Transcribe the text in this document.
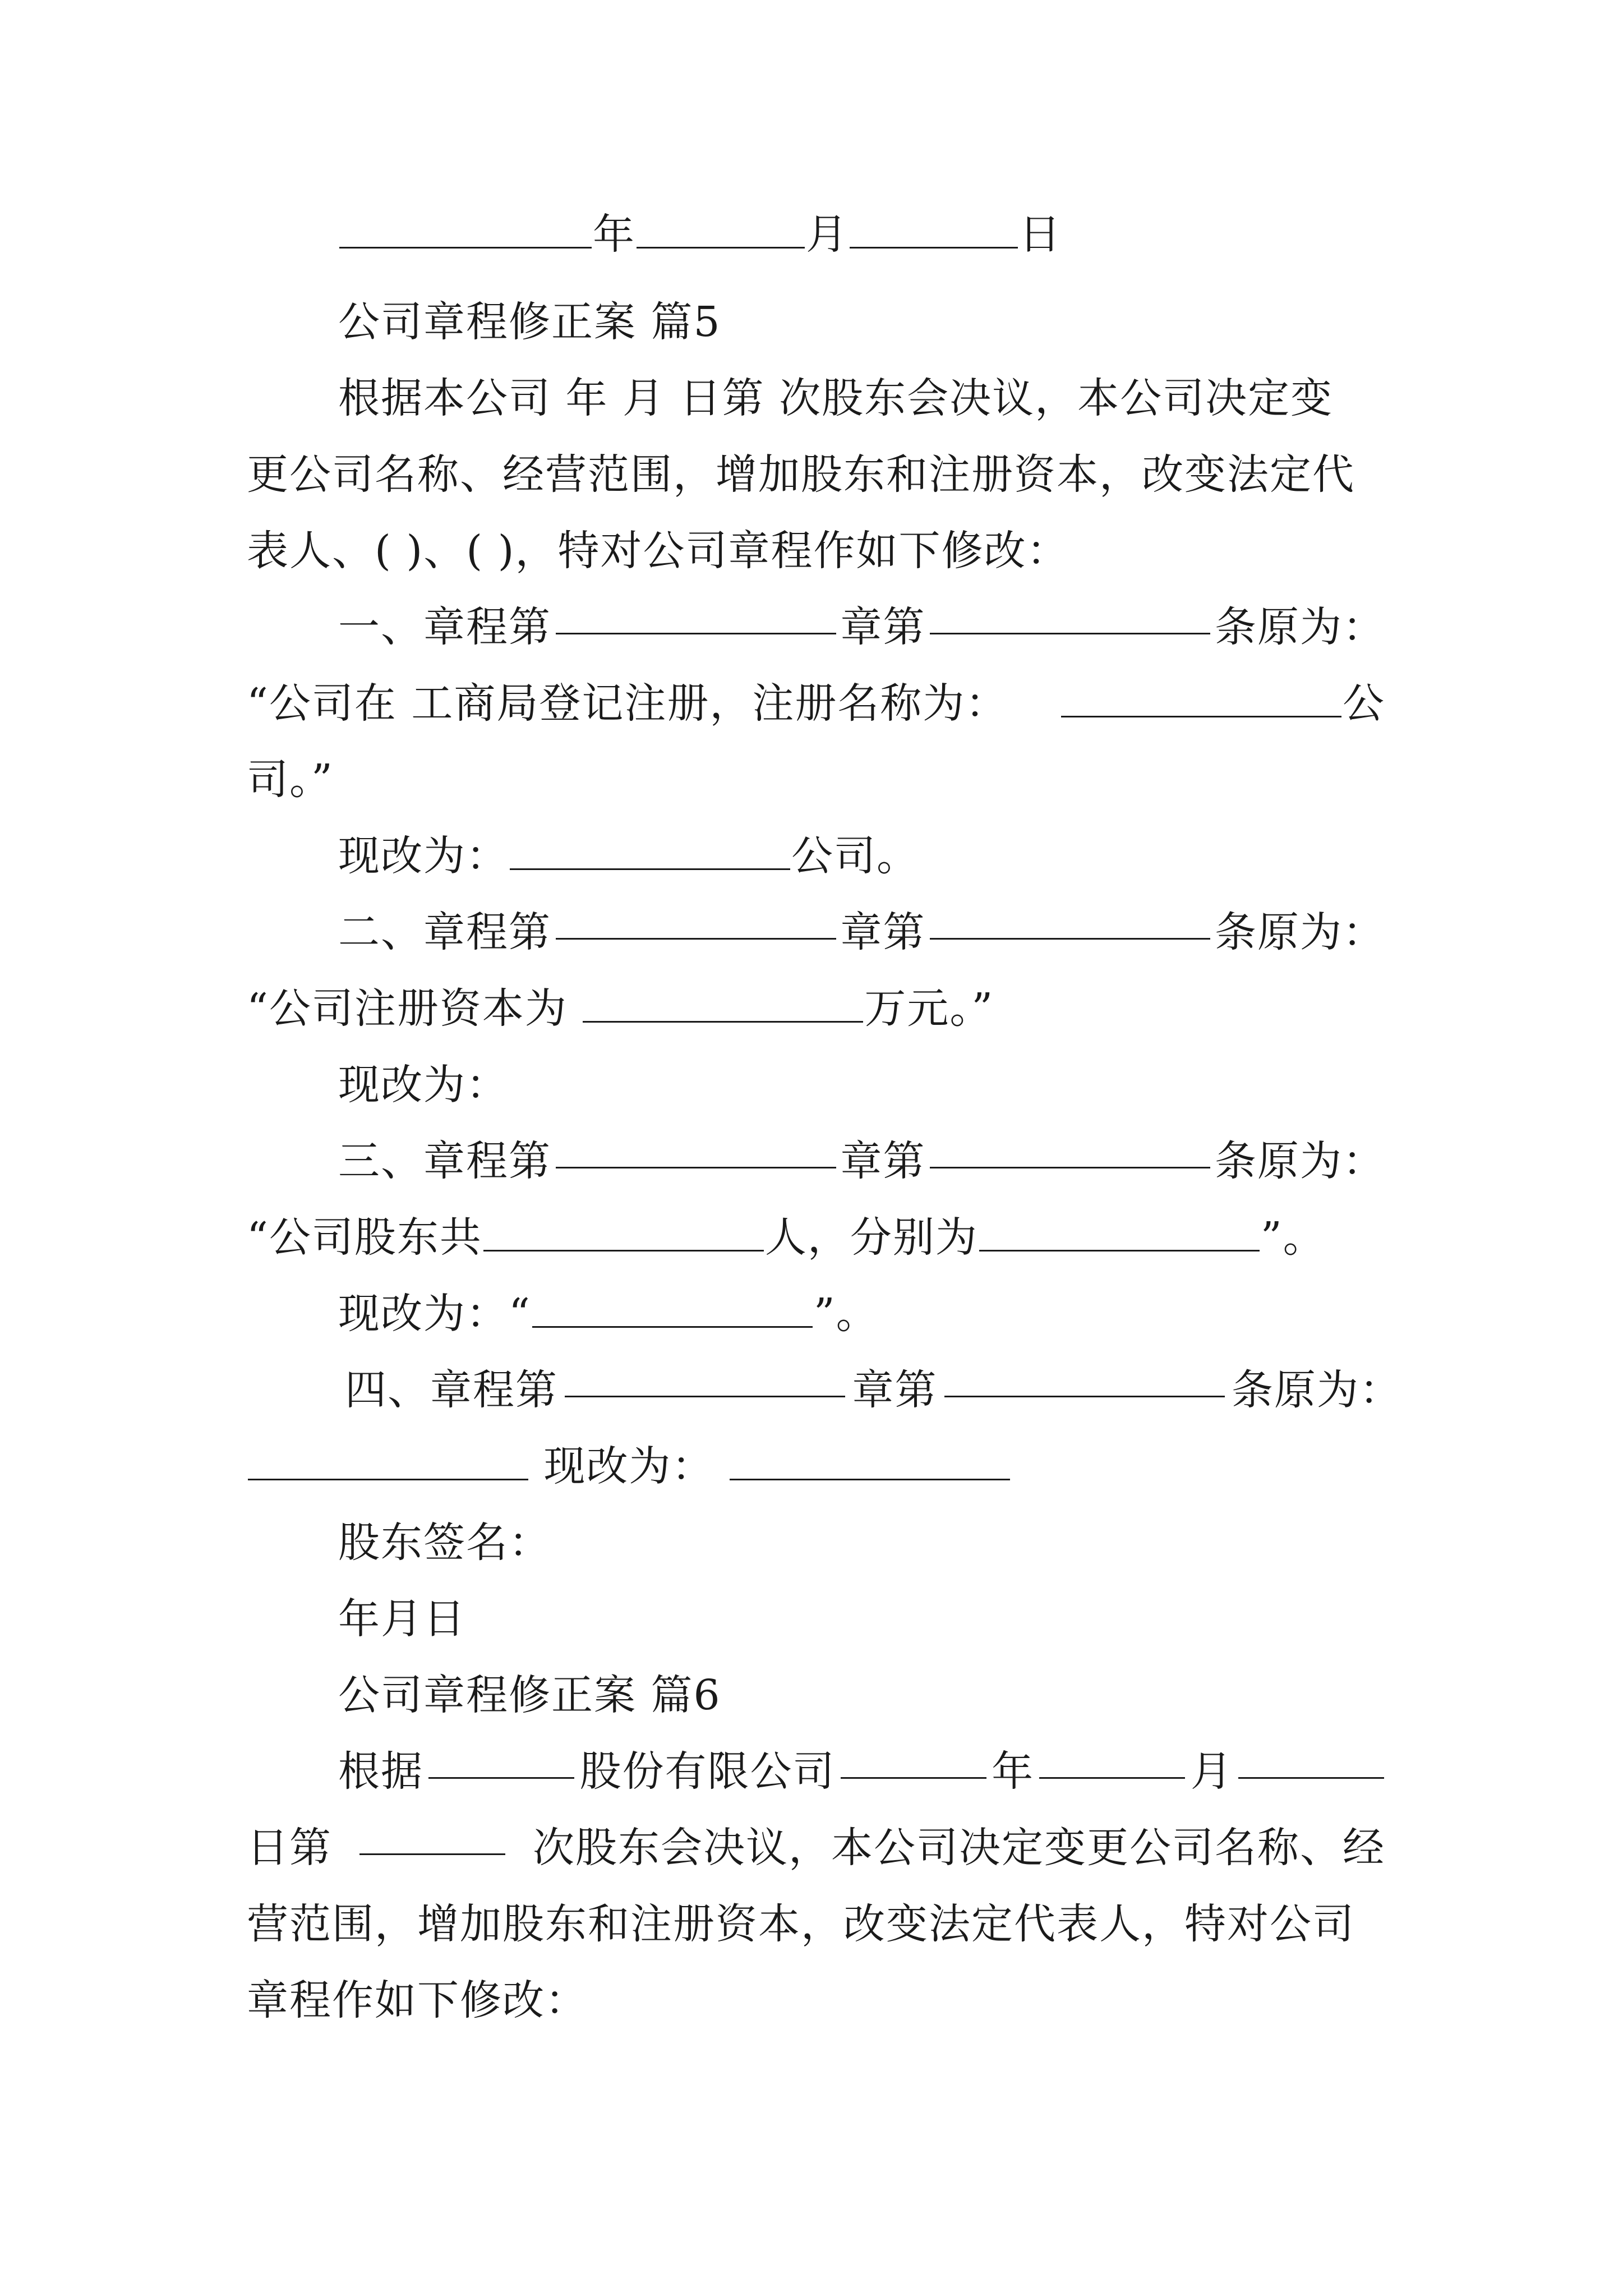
年	月	日
公司章程修正案 篇5
根据本公司 年 月 日第 次股东会决议，本公司决定变
更公司名称、经营范围，增加股东和注册资本，改变法定代
表人、( )、( )，特对公司章程作如下修改：
一、章程第	章第	条原为：
“公司在 工商局登记注册，注册名称为：	公
司。”
现改为：	公司。
二、章程第	章第	条原为：
“公司注册资本为	万元。”
现改为：
三、章程第	章第	条原为：
“公司股东共	人，分别为	”。
现改为：“	”。
四、章程第	章第	条原为：
现改为：
股东签名：
年月日
公司章程修正案 篇6
根据	股份有限公司	年	月
日第	次股东会决议，本公司决定变更公司名称、经
营范围，增加股东和注册资本，改变法定代表人，特对公司
章程作如下修改：
